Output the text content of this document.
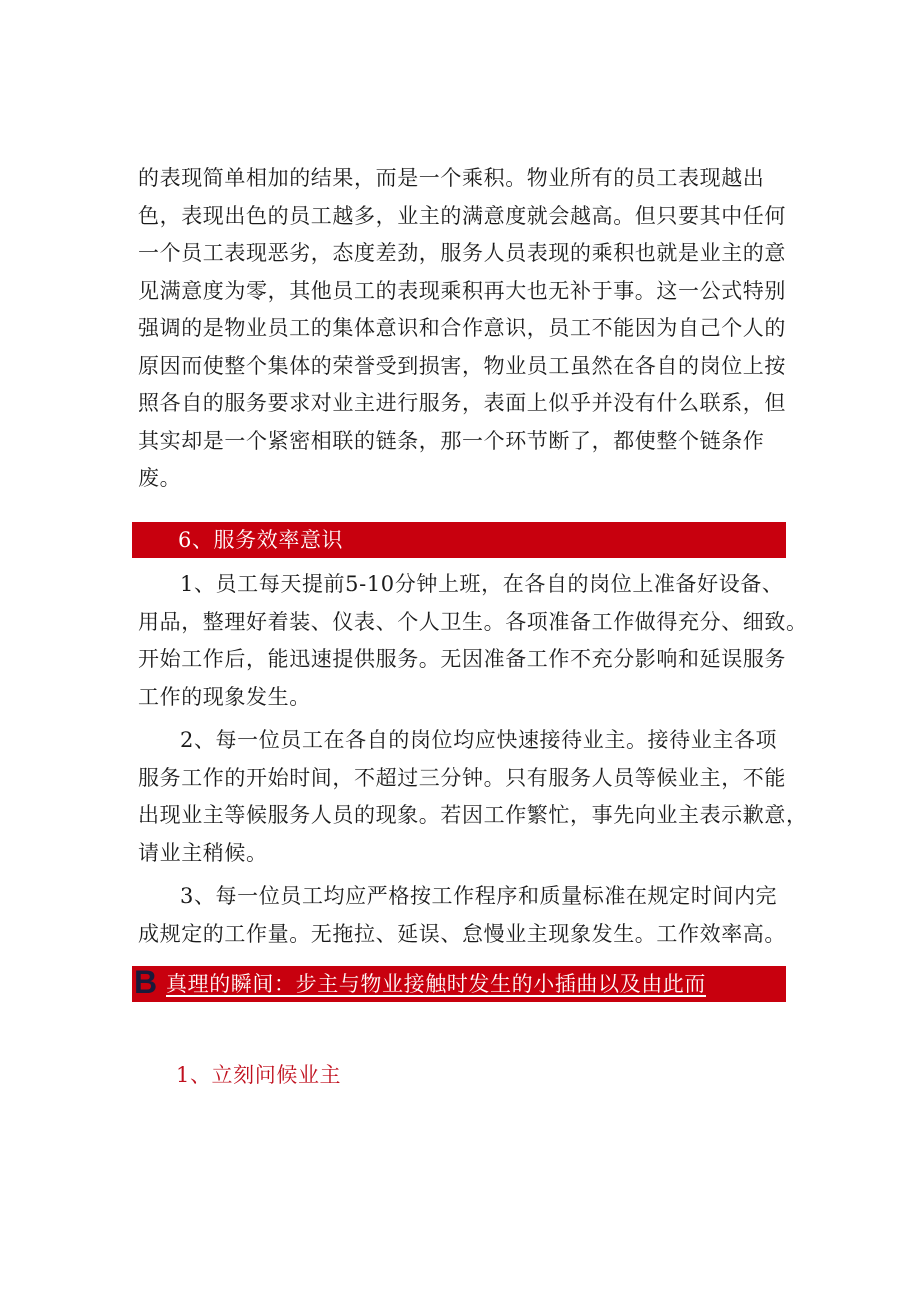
的表现简单相加的结果，而是一个乘积。物业所有的员工表现越出
色，表现出色的员工越多，业主的满意度就会越高。但只要其中任何
一个员工表现恶劣，态度差劲，服务人员表现的乘积也就是业主的意
见满意度为零，其他员工的表现乘积再大也无补于事。这一公式特别
强调的是物业员工的集体意识和合作意识，员工不能因为自己个人的
原因而使整个集体的荣誉受到损害，物业员工虽然在各自的岗位上按
照各自的服务要求对业主进行服务，表面上似乎并没有什么联系，但
其实却是一个紧密相联的链条，那一个环节断了，都使整个链条作
废。
6、服务效率意识
1、员工每天提前5-10分钟上班，在各自的岗位上准备好设备、
用品，整理好着装、仪表、个人卫生。各项准备工作做得充分、细致。
开始工作后，能迅速提供服务。无因准备工作不充分影响和延误服务
工作的现象发生。
2、每一位员工在各自的岗位均应快速接待业主。接待业主各项
服务工作的开始时间，不超过三分钟。只有服务人员等候业主，不能
出现业主等候服务人员的现象。若因工作繁忙，事先向业主表示歉意，
请业主稍候。
3、每一位员工均应严格按工作程序和质量标准在规定时间内完
成规定的工作量。无拖拉、延误、怠慢业主现象发生。工作效率高。
B 真理的瞬间：步主与物业接触时发生的小插曲以及由此而
1、立刻问候业主
